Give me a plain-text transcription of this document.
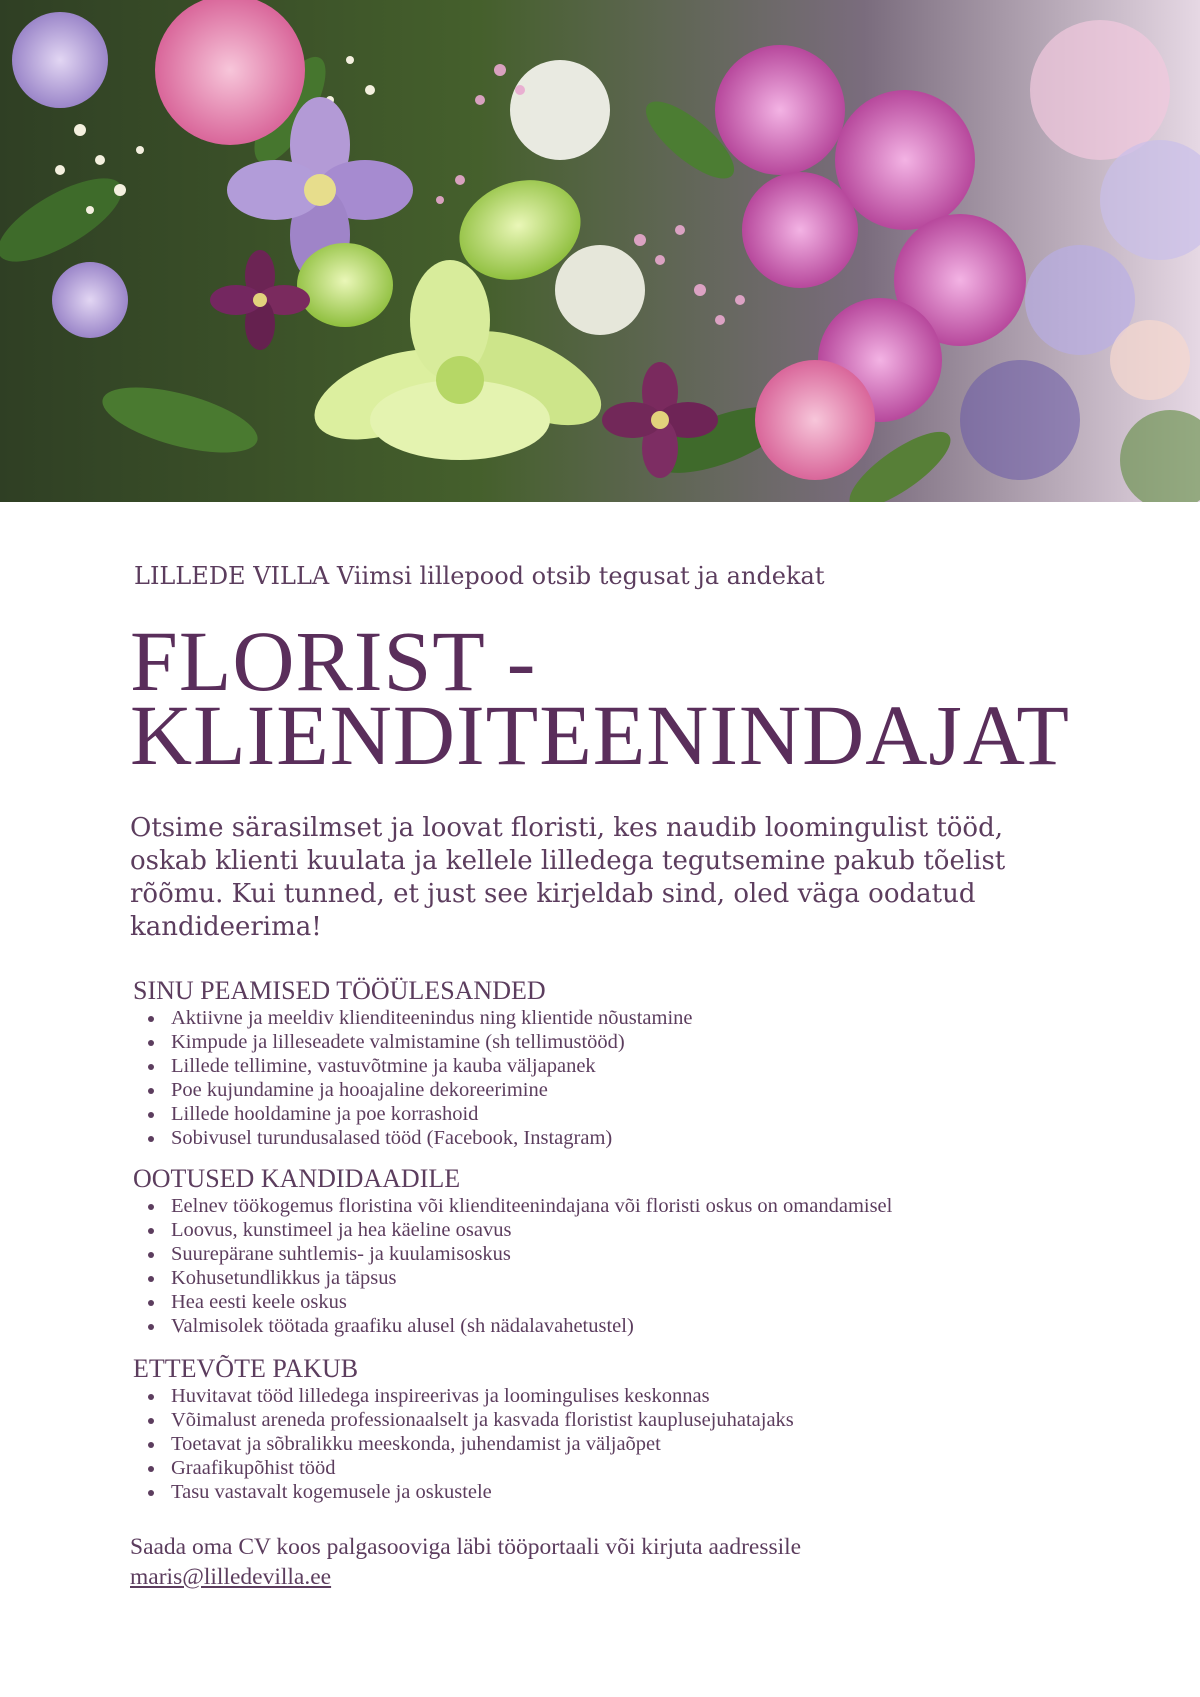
LILLEDE VILLA Viimsi lillepood otsib tegusat ja andekat
FLORIST -
KLIENDITEENINDAJAT

Otsime särasilmset ja loovat floristi, kes naudib loomingulist tööd, oskab klienti kuulata ja kellele lilledega tegutsemine pakub tõelist rõõmu. Kui tunned, et just see kirjeldab sind, oled väga oodatud kandideerima!

SINU PEAMISED TÖÖÜLESANDED
Aktiivne ja meeldiv klienditeenindus ning klientide nõustamine
Kimpude ja lilleseadete valmistamine (sh tellimustööd)
Lillede tellimine, vastuvõtmine ja kauba väljapanek
Poe kujundamine ja hooajaline dekoreerimine
Lillede hooldamine ja poe korrashoid
Sobivusel turundusalased tööd (Facebook, Instagram)
OOTUSED KANDIDAADILE
Eelnev töökogemus floristina või klienditeenindajana või floristi oskus on omandamisel
Loovus, kunstimeel ja hea käeline osavus
Suurepärane suhtlemis- ja kuulamisoskus
Kohusetundlikkus ja täpsus
Hea eesti keele oskus
Valmisolek töötada graafiku alusel (sh nädalavahetustel)
ETTEVÕTE PAKUB
Huvitavat tööd lilledega inspireerivas ja loomingulises keskonnas
Võimalust areneda professionaalselt ja kasvada floristist kauplusejuhatajaks
Toetavat ja sõbralikku meeskonda, juhendamist ja väljaõpet
Graafikupõhist tööd
Tasu vastavalt kogemusele ja oskustele

Saada oma CV koos palgasooviga läbi tööportaali või kirjuta aadressile
maris@lilledevilla.ee
